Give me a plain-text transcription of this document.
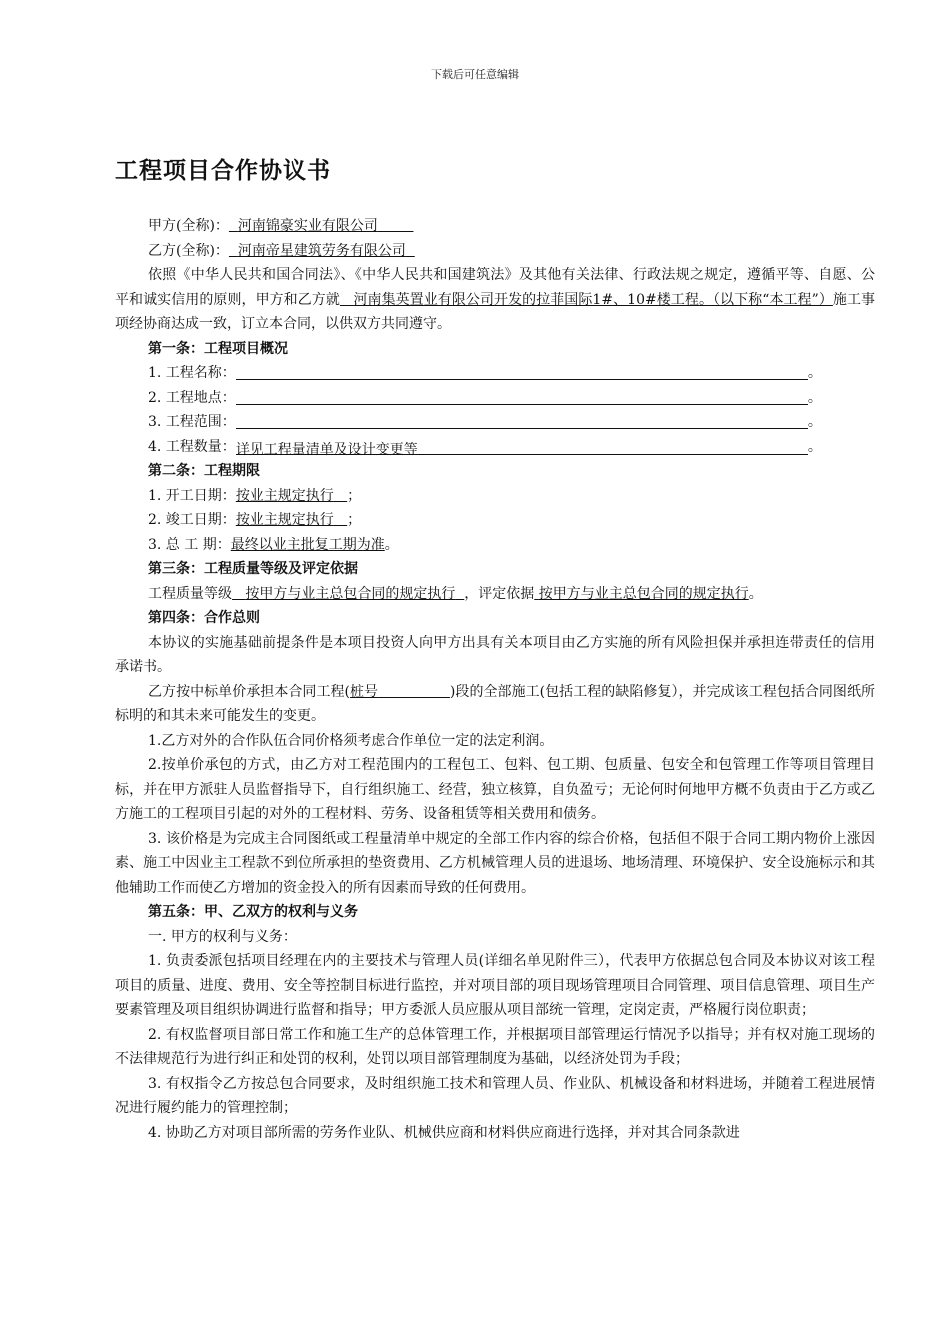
下载后可任意编辑
工程项目合作协议书

甲方(全称)： 河南锦豪实业有限公司

乙方(全称)： 河南帝星建筑劳务有限公司

依照《中华人民共和国合同法》、《中华人民共和国建筑法》及其他有关法律、行政法规之规定，遵循平等、自愿、公平和诚实信用的原则，甲方和乙方就 河南集英置业有限公司开发的拉菲国际1#、10#楼工程。（以下称“本工程”）施工事项经协商达成一致，订立本合同，以供双方共同遵守。

第一条：工程项目概况

1. 工程名称：	。

2. 工程地点：	。

3. 工程范围：	。

4. 工程数量：详见工程量清单及设计变更等	。

第二条：工程期限

1. 开工日期：按业主规定执行 ；

2. 竣工日期：按业主规定执行 ；

3. 总 工 期：最终以业主批复工期为准。

第三条：工程质量等级及评定依据

工程质量等级 按甲方与业主总包合同的规定执行 ，评定依据 按甲方与业主总包合同的规定执行。

第四条：合作总则

本协议的实施基础前提条件是本项目投资人向甲方出具有关本项目由乙方实施的所有风险担保并承担连带责任的信用承诺书。

乙方按中标单价承担本合同工程(桩号	)段的全部施工(包括工程的缺陷修复），并完成该工程包括合同图纸所标明的和其未来可能发生的变更。

1.乙方对外的合作队伍合同价格须考虑合作单位一定的法定利润。

2.按单价承包的方式，由乙方对工程范围内的工程包工、包料、包工期、包质量、包安全和包管理工作等项目管理目标，并在甲方派驻人员监督指导下，自行组织施工、经营，独立核算，自负盈亏；无论何时何地甲方概不负责由于乙方或乙方施工的工程项目引起的对外的工程材料、劳务、设备租赁等相关费用和债务。

3. 该价格是为完成主合同图纸或工程量清单中规定的全部工作内容的综合价格，包括但不限于合同工期内物价上涨因素、施工中因业主工程款不到位所承担的垫资费用、乙方机械管理人员的进退场、地场清理、环境保护、安全设施标示和其他辅助工作而使乙方增加的资金投入的所有因素而导致的任何费用。

第五条：甲、乙双方的权利与义务

一. 甲方的权利与义务：

1. 负责委派包括项目经理在内的主要技术与管理人员(详细名单见附件三），代表甲方依据总包合同及本协议对该工程项目的质量、进度、费用、安全等控制目标进行监控，并对项目部的项目现场管理项目合同管理、项目信息管理、项目生产要素管理及项目组织协调进行监督和指导；甲方委派人员应服从项目部统一管理，定岗定责，严格履行岗位职责；

2. 有权监督项目部日常工作和施工生产的总体管理工作，并根据项目部管理运行情况予以指导；并有权对施工现场的不法律规范行为进行纠正和处罚的权利，处罚以项目部管理制度为基础，以经济处罚为手段；

3. 有权指令乙方按总包合同要求，及时组织施工技术和管理人员、作业队、机械设备和材料进场，并随着工程进展情况进行履约能力的管理控制；

4. 协助乙方对项目部所需的劳务作业队、机械供应商和材料供应商进行选择，并对其合同条款进
